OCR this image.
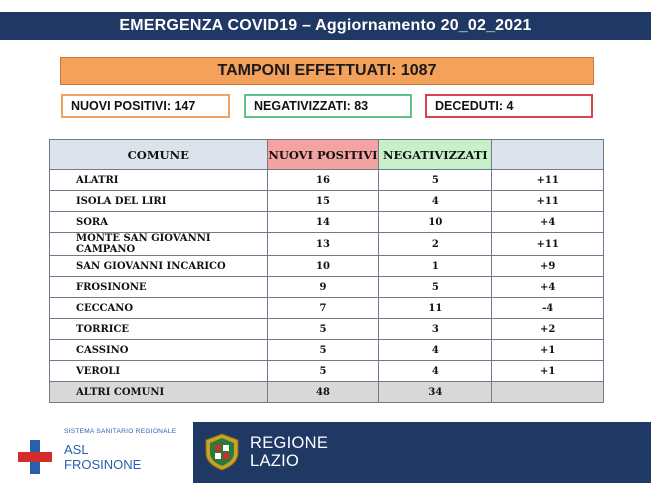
EMERGENZA COVID19 – Aggiornamento 20_02_2021
TAMPONI EFFETTUATI: 1087
NUOVI POSITIVI: 147	NEGATIVIZZATI: 83	DECEDUTI: 4
COMUNE	NUOVI POSITIVI	NEGATIVIZZATI	
ALATRI	16	5	+11
ISOLA DEL LIRI	15	4	+11
SORA	14	10	+4
MONTE SAN GIOVANNI CAMPANO	13	2	+11
SAN GIOVANNI INCARICO	10	1	+9
FROSINONE	9	5	+4
CECCANO	7	11	-4
TORRICE	5	3	+2
CASSINO	5	4	+1
VEROLI	5	4	+1
ALTRI COMUNI	48	34	
SISTEMA SANITARIO REGIONALE
ASL
FROSINONE
REGIONE
LAZIO
